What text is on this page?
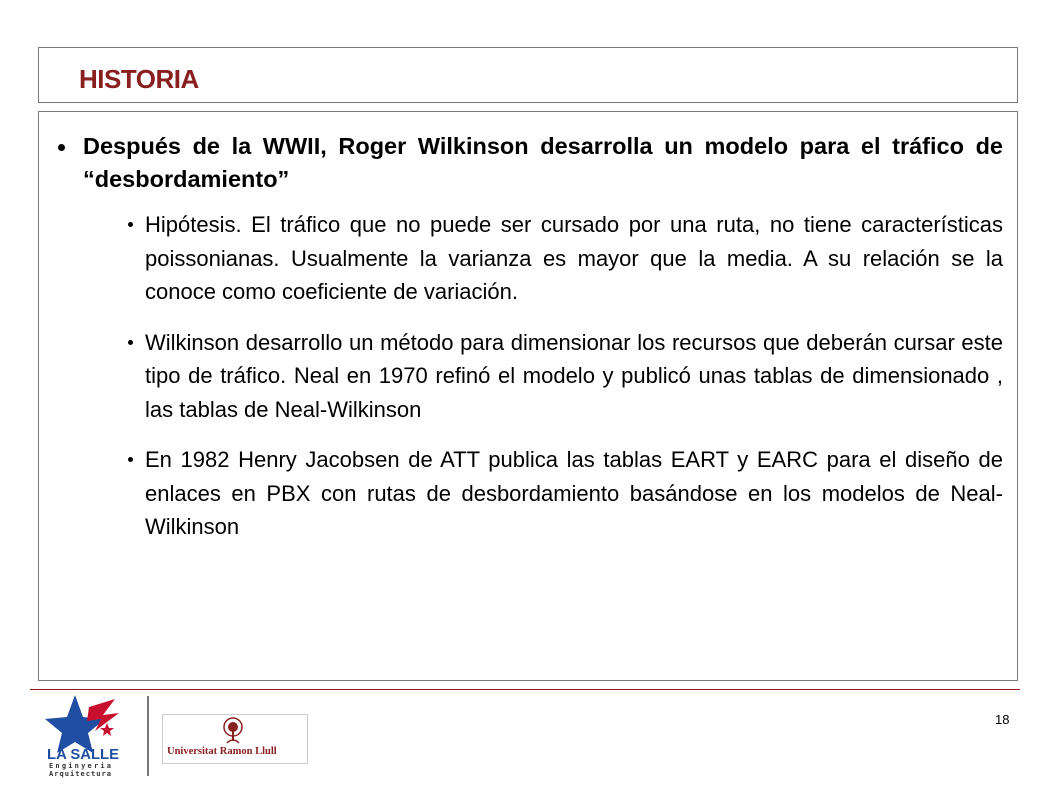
HISTORIA
Después de la WWII, Roger Wilkinson desarrolla un modelo para el tráfico de “desbordamiento”
Hipótesis. El tráfico que no puede ser cursado por una ruta, no tiene características poissonianas. Usualmente la varianza es mayor que la media. A su relación se la conoce como coeficiente de variación.
Wilkinson desarrollo un método para dimensionar los recursos que deberán cursar este tipo de tráfico. Neal en 1970 refinó el modelo y publicó unas tablas de dimensionado , las tablas de Neal-Wilkinson
En 1982 Henry Jacobsen de ATT publica las tablas EART y EARC para el diseño de enlaces en PBX con rutas de desbordamiento basándose en los modelos de Neal-Wilkinson
LA SALLE
Enginyeria
Arquitectura
Universitat Ramon Llull
18
